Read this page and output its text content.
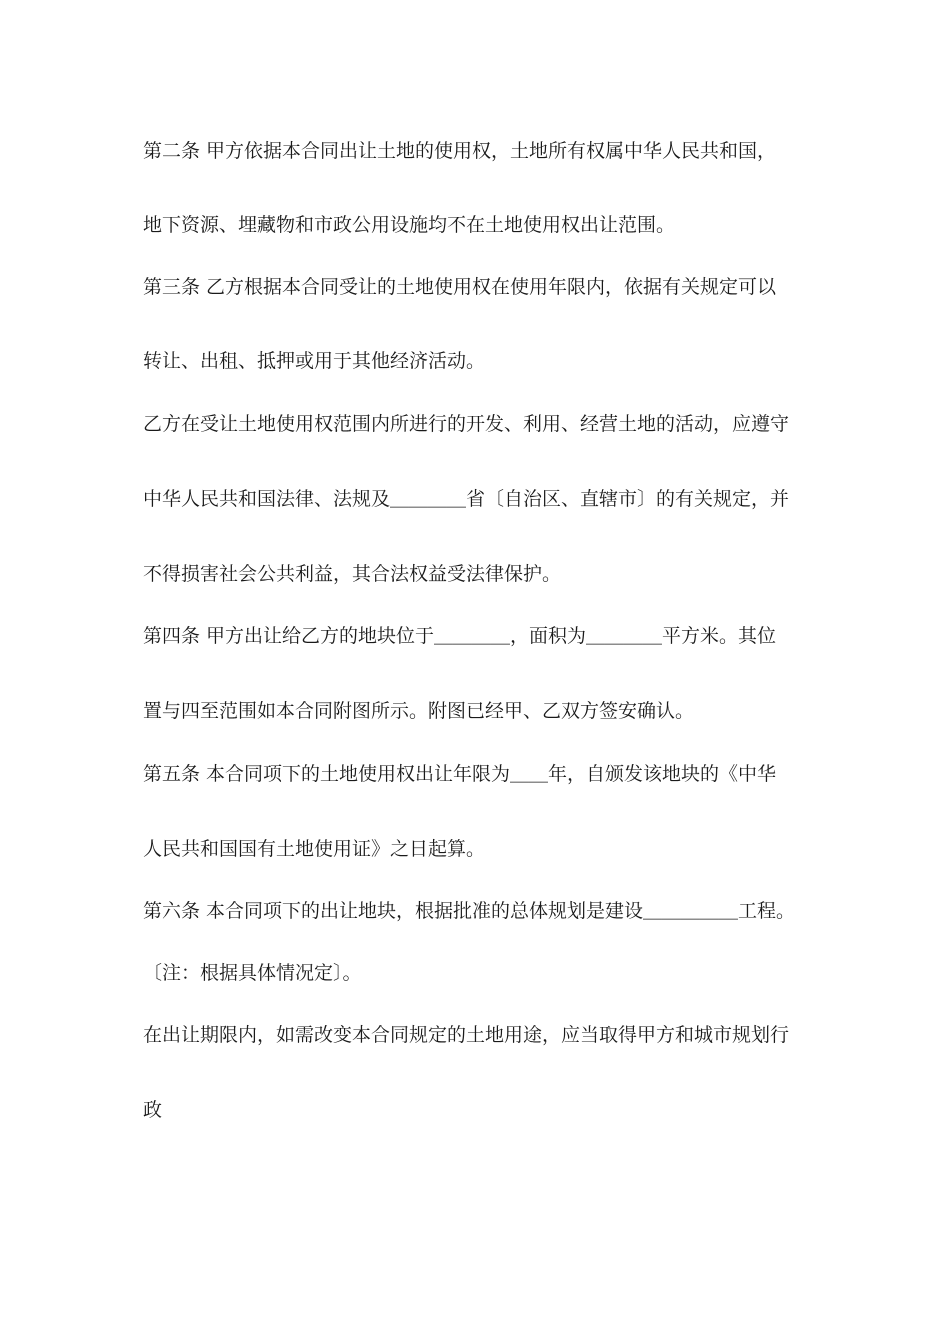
第二条 甲方依据本合同出让土地的使用权，土地所有权属中华人民共和国，
地下资源、埋藏物和市政公用设施均不在土地使用权出让范围。
第三条 乙方根据本合同受让的土地使用权在使用年限内，依据有关规定可以
转让、出租、抵押或用于其他经济活动。
乙方在受让土地使用权范围内所进行的开发、利用、经营土地的活动，应遵守
中华人民共和国法律、法规及＿＿＿＿省〔自治区、直辖市〕的有关规定，并
不得损害社会公共利益，其合法权益受法律保护。
第四条 甲方出让给乙方的地块位于＿＿＿＿，面积为＿＿＿＿平方米。其位
置与四至范围如本合同附图所示。附图已经甲、乙双方签安确认。
第五条 本合同项下的土地使用权出让年限为＿＿年，自颁发该地块的《中华
人民共和国国有土地使用证》之日起算。
第六条 本合同项下的出让地块，根据批准的总体规划是建设＿＿＿＿＿工程。
〔注：根据具体情况定〕。
在出让期限内，如需改变本合同规定的土地用途，应当取得甲方和城市规划行
政
